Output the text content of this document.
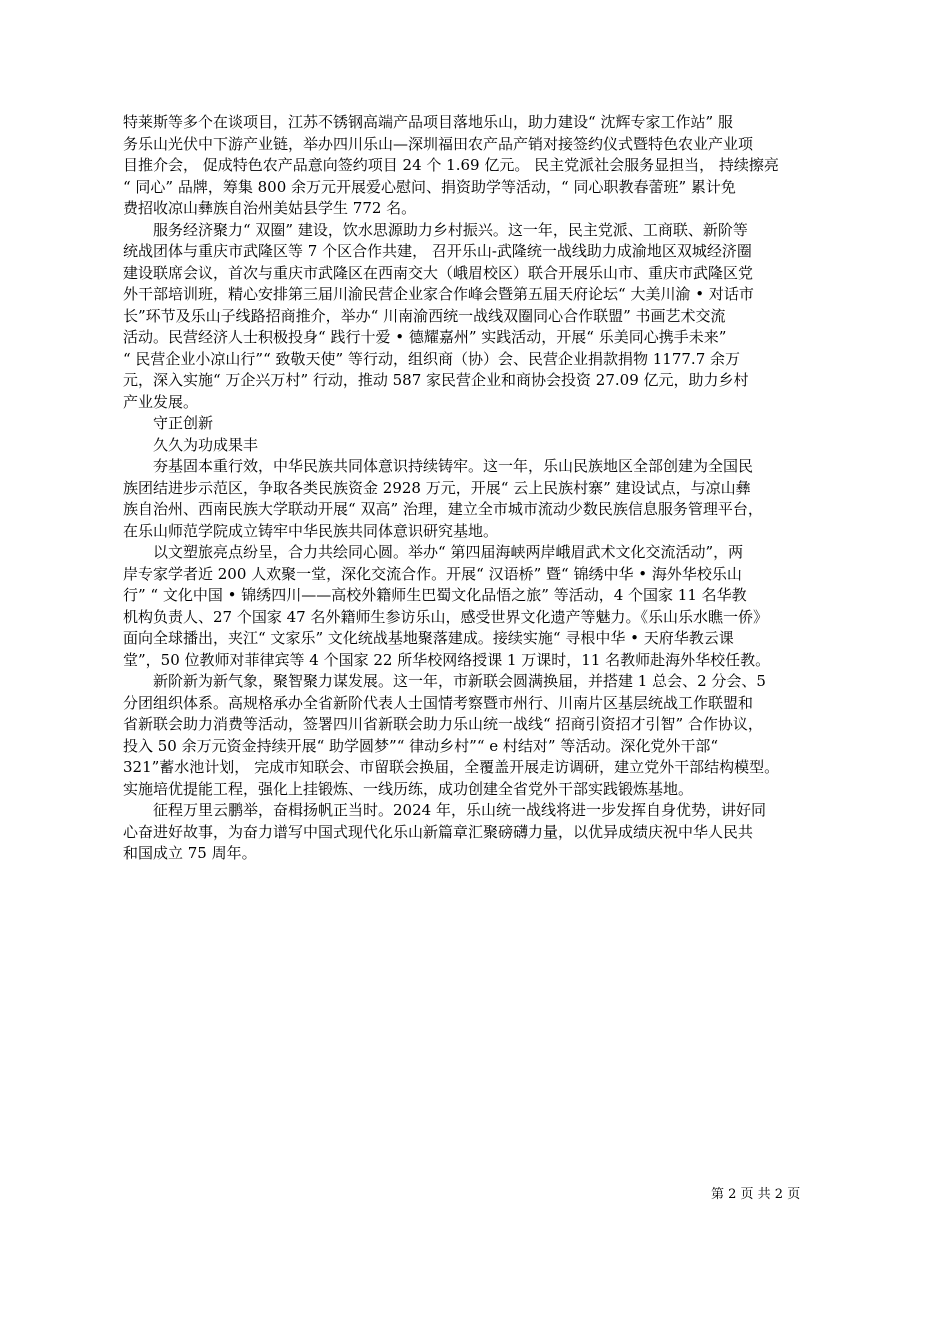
特莱斯等多个在谈项目，江苏不锈钢高端产品项目落地乐山，助力建设“ 沈辉专家工作站” 服
务乐山光伏中下游产业链，举办四川乐山—深圳福田农产品产销对接签约仪式暨特色农业产业项
目推介会， 促成特色农产品意向签约项目 24 个 1.69 亿元。 民主党派社会服务显担当， 持续擦亮
“ 同心” 品牌，筹集 800 余万元开展爱心慰问、捐资助学等活动，“ 同心职教春蕾班” 累计免
费招收凉山彝族自治州美姑县学生 772 名。
服务经济聚力“ 双圈” 建设，饮水思源助力乡村振兴。这一年，民主党派、工商联、新阶等
统战团体与重庆市武隆区等 7 个区合作共建， 召开乐山-武隆统一战线助力成渝地区双城经济圈
建设联席会议，首次与重庆市武隆区在西南交大（峨眉校区）联合开展乐山市、重庆市武隆区党
外干部培训班，精心安排第三届川渝民营企业家合作峰会暨第五届天府论坛“ 大美川渝 • 对话市
长”环节及乐山子线路招商推介，举办“ 川南渝西统一战线双圈同心合作联盟” 书画艺术交流
活动。民营经济人士积极投身“ 践行十爱 • 德耀嘉州” 实践活动，开展“ 乐美同心携手未来”
“ 民营企业小凉山行”“ 致敬天使” 等行动，组织商（协）会、民营企业捐款捐物 1177.7 余万
元，深入实施“ 万企兴万村” 行动，推动 587 家民营企业和商协会投资 27.09 亿元，助力乡村
产业发展。
守正创新
久久为功成果丰
夯基固本重行效，中华民族共同体意识持续铸牢。这一年，乐山民族地区全部创建为全国民
族团结进步示范区，争取各类民族资金 2928 万元，开展“ 云上民族村寨” 建设试点，与凉山彝
族自治州、西南民族大学联动开展“ 双高” 治理，建立全市城市流动少数民族信息服务管理平台，
在乐山师范学院成立铸牢中华民族共同体意识研究基地。
以文塑旅亮点纷呈，合力共绘同心圆。举办“ 第四届海峡两岸峨眉武术文化交流活动”，两
岸专家学者近 200 人欢聚一堂，深化交流合作。开展“ 汉语桥” 暨“ 锦绣中华 • 海外华校乐山
行” “ 文化中国 • 锦绣四川——高校外籍师生巴蜀文化品悟之旅” 等活动，4 个国家 11 名华教
机构负责人、27 个国家 47 名外籍师生参访乐山，感受世界文化遗产等魅力。《乐山乐水瞧一侨》
面向全球播出，夹江“ 文家乐” 文化统战基地聚落建成。接续实施“ 寻根中华 • 天府华教云课
堂”，50 位教师对菲律宾等 4 个国家 22 所华校网络授课 1 万课时，11 名教师赴海外华校任教。
新阶新为新气象，聚智聚力谋发展。这一年，市新联会圆满换届，并搭建 1 总会、2 分会、5
分团组织体系。高规格承办全省新阶代表人士国情考察暨市州行、川南片区基层统战工作联盟和
省新联会助力消费等活动，签署四川省新联会助力乐山统一战线“ 招商引资招才引智” 合作协议，
投入 50 余万元资金持续开展“ 助学圆梦”“ 律动乡村”“ e 村结对” 等活动。深化党外干部“
321”蓄水池计划， 完成市知联会、市留联会换届，全覆盖开展走访调研，建立党外干部结构模型。
实施培优提能工程，强化上挂锻炼、一线历练，成功创建全省党外干部实践锻炼基地。
征程万里云鹏举，奋楫扬帆正当时。2024 年，乐山统一战线将进一步发挥自身优势，讲好同
心奋进好故事，为奋力谱写中国式现代化乐山新篇章汇聚磅礴力量，以优异成绩庆祝中华人民共
和国成立 75 周年。
第 2 页 共 2 页
